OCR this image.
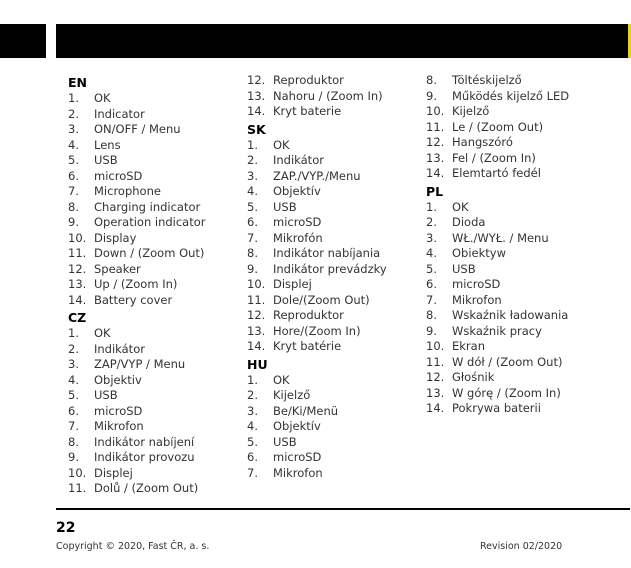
EN
1. OK
2. Indicator
3. ON/OFF / Menu
4. Lens
5. USB
6. microSD
7. Microphone
8. Charging indicator
9. Operation indicator
10. Display
11. Down / (Zoom Out)
12. Speaker
13. Up / (Zoom In)
14. Battery cover
CZ
1. OK
2. Indikátor
3. ZAP/VYP / Menu
4. Objektiv
5. USB
6. microSD
7. Mikrofon
8. Indikátor nabíjení
9. Indikátor provozu
10. Displej
11. Dolů / (Zoom Out)
12. Reproduktor
13. Nahoru / (Zoom In)
14. Kryt baterie
SK
1. OK
2. Indikátor
3. ZAP./VYP./Menu
4. Objektív
5. USB
6. microSD
7. Mikrofón
8. Indikátor nabíjania
9. Indikátor prevádzky
10. Displej
11. Dole/(Zoom Out)
12. Reproduktor
13. Hore/(Zoom In)
14. Kryt batérie
HU
1. OK
2. Kijelző
3. Be/Ki/Menü
4. Objektív
5. USB
6. microSD
7. Mikrofon
8. Töltéskijelző
9. Működés kijelző LED
10. Kijelző
11. Le / (Zoom Out)
12. Hangszóró
13. Fel / (Zoom In)
14. Elemtartó fedél
PL
1. OK
2. Dioda
3. WŁ./WYŁ. / Menu
4. Obiektyw
5. USB
6. microSD
7. Mikrofon
8. Wskaźnik ładowania
9. Wskaźnik pracy
10. Ekran
11. W dół / (Zoom Out)
12. Głośnik
13. W górę / (Zoom In)
14. Pokrywa baterii
22
Copyright © 2020, Fast ČR, a. s.	Revision 02/2020
